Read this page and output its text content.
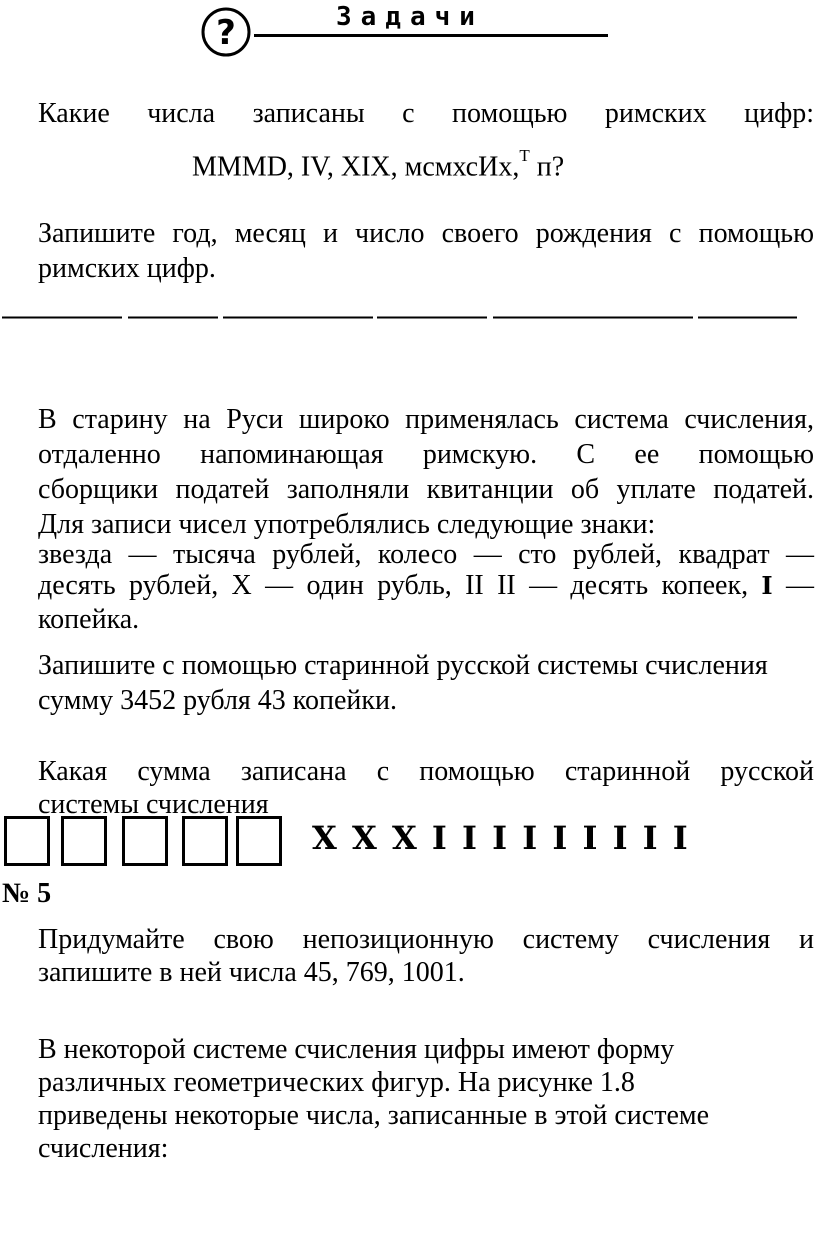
?	Задачи

Какие числа записаны с помощью римских цифр:

MMMD, IV, XIX, мсмхсИх,$^T$ п?

Запишите год, месяц и число своего рождения с помощью

римских цифр.

В старину на Руси широко применялась система счисления,

отдаленно напоминающая римскую. С ее помощью

сборщики податей заполняли квитанции об уплате податей.

Для записи чисел употреблялись следующие знаки:

звезда — тысяча рублей, колесо — сто рублей, квадрат —

десять рублей, X — один рубль, II II — десять копеек, I —

копейка.

Запишите с помощью старинной русской системы счисления

сумму 3452 рубля 43 копейки.

Какая сумма записана с помощью старинной русской

системы счисления

X X X I I I I I I I I I
№ 5

Придумайте свою непозиционную систему счисления и

запишите в ней числа 45, 769, 1001.

В некоторой системе счисления цифры имеют форму

различных геометрических фигур. На рисунке 1.8

приведены некоторые числа, записанные в этой системе

счисления:
